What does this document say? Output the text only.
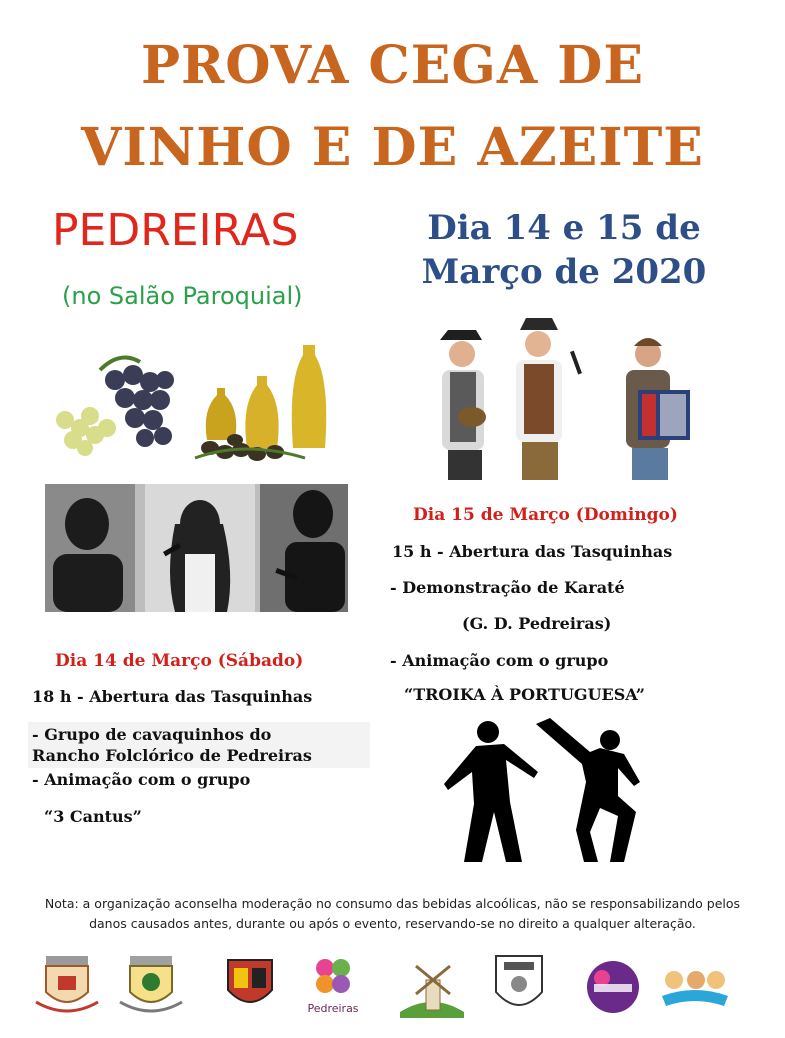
PROVA CEGA DE
VINHO E DE AZEITE
PEDREIRAS
(no Salão Paroquial)
Dia 14 e 15 de
Março de 2020
Dia 15 de Março (Domingo)
15 h - Abertura das Tasquinhas
- Demonstração de Karaté
(G. D. Pedreiras)
- Animação com o grupo
“TROIKA À PORTUGUESA”
Dia 14 de Março (Sábado)
18 h - Abertura das Tasquinhas
- Grupo de cavaquinhos do
Rancho Folclórico de Pedreiras
- Animação com o grupo
“3 Cantus”
Nota: a organização aconselha moderação no consumo das bebidas alcoólicas, não se responsabilizando pelos
danos causados antes, durante ou após o evento, reservando-se no direito a qualquer alteração.
Pedreiras
